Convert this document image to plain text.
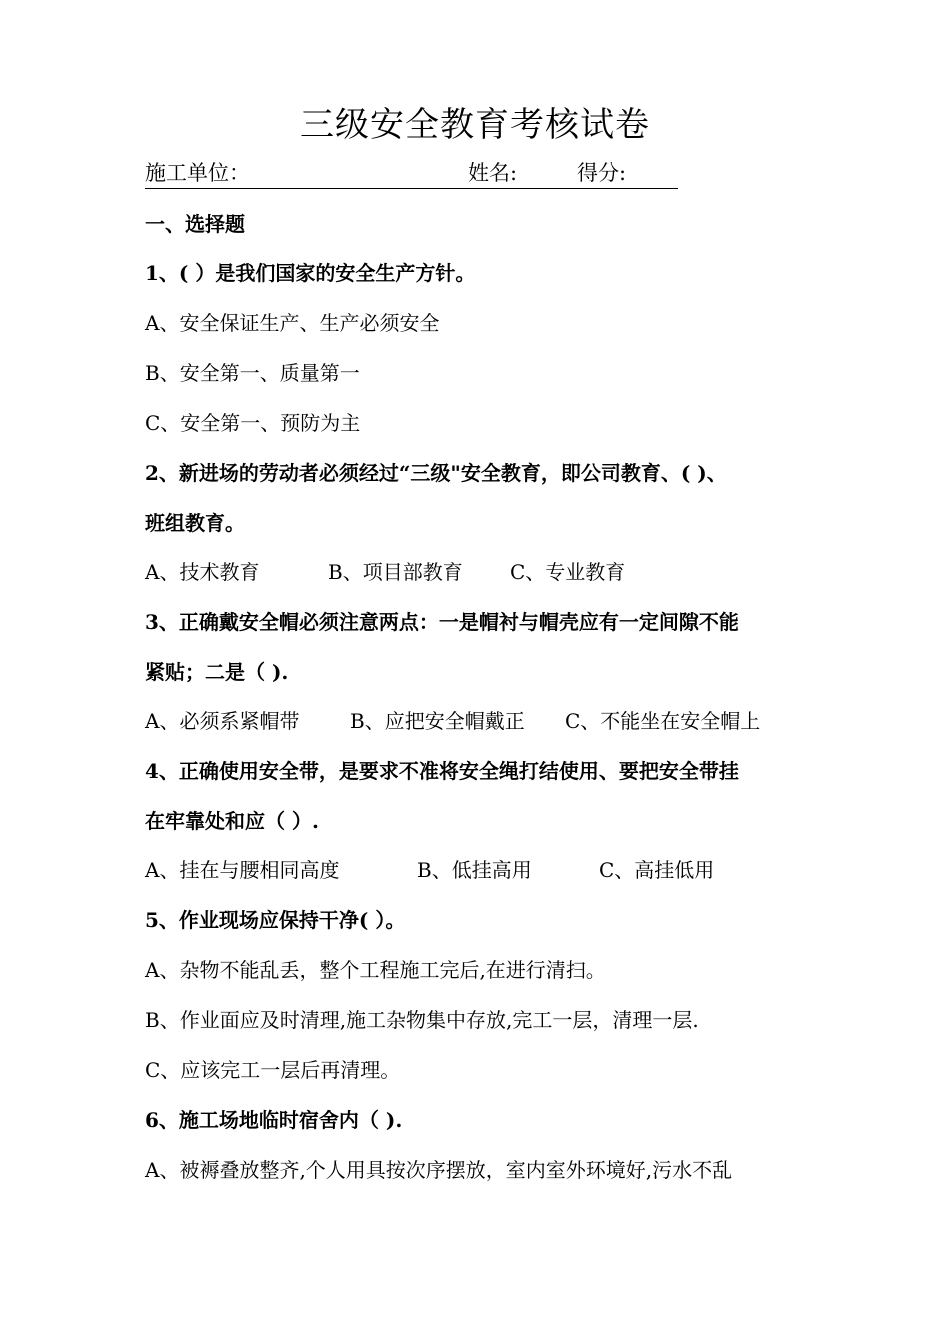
三级安全教育考核试卷
施工单位：	姓名:	得分:
一、选择题
1、( ）是我们国家的安全生产方针。
A、安全保证生产、生产必须安全
B、安全第一、质量第一
C、安全第一、预防为主
2、新进场的劳动者必须经过“三级"安全教育，即公司教育、( )、
班组教育。
A、技术教育	B、项目部教育 C、专业教育
3、正确戴安全帽必须注意两点：一是帽衬与帽壳应有一定间隙不能
紧贴；二是（ ).
A、必须系紧帽带	B、应把安全帽戴正 C、不能坐在安全帽上
4、正确使用安全带，是要求不准将安全绳打结使用、要把安全带挂
在牢靠处和应（ ）.
A、挂在与腰相同高度	B、低挂高用	C、高挂低用
5、作业现场应保持干净( ）。
A、杂物不能乱丢，整个工程施工完后,在进行清扫。
B、作业面应及时清理,施工杂物集中存放,完工一层，清理一层.
C、应该完工一层后再清理。
6、施工场地临时宿舍内（ ).
A、被褥叠放整齐,个人用具按次序摆放，室内室外环境好,污水不乱
